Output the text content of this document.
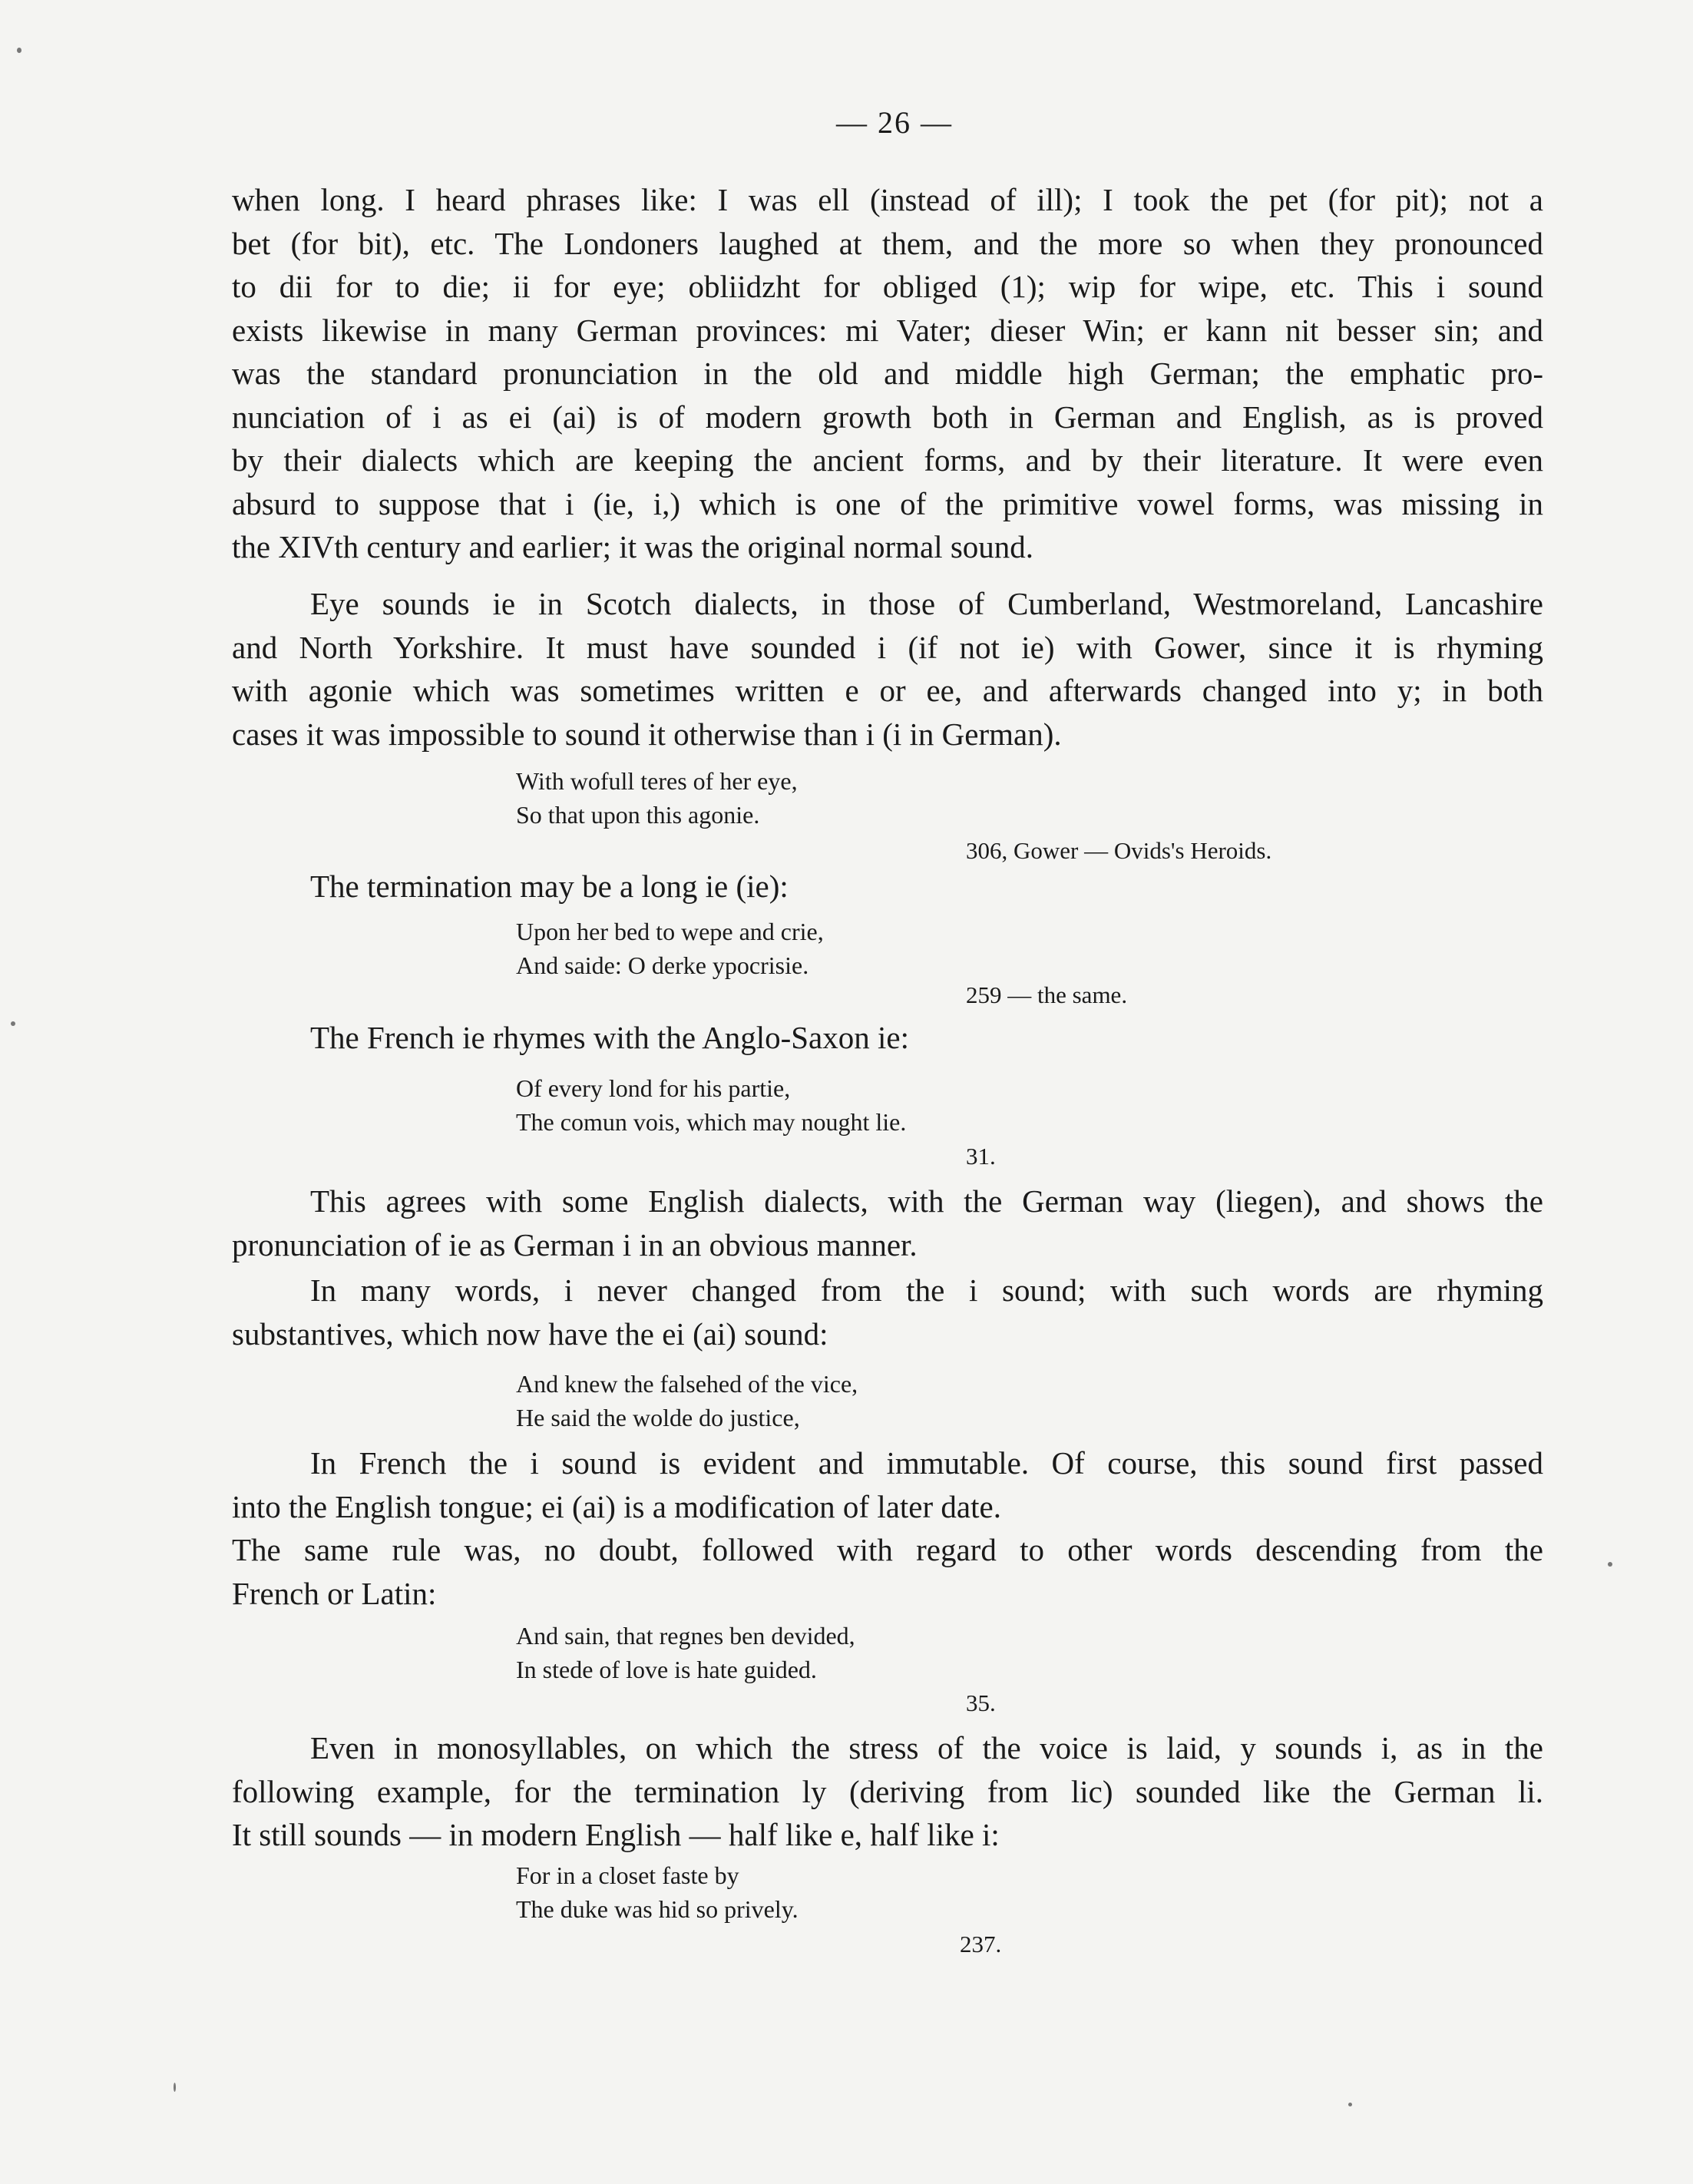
— 26 —
when long. I heard phrases like: I was ell (instead of ill); I took the pet (for pit); not a
bet (for bit), etc. The Londoners laughed at them, and the more so when they pronounced
to dii for to die; ii for eye; obliidzht for obliged (1); wip for wipe, etc. This i sound
exists likewise in many German provinces: mi Vater; dieser Win; er kann nit besser sin; and
was the standard pronunciation in the old and middle high German; the emphatic pro-
nunciation of i as ei (ai) is of modern growth both in German and English, as is proved
by their dialects which are keeping the ancient forms, and by their literature. It were even
absurd to suppose that i (ie, i,) which is one of the primitive vowel forms, was missing in
the XIVth century and earlier; it was the original normal sound.
Eye sounds ie in Scotch dialects, in those of Cumberland, Westmoreland, Lancashire
and North Yorkshire. It must have sounded i (if not ie) with Gower, since it is rhyming
with agonie which was sometimes written e or ee, and afterwards changed into y; in both
cases it was impossible to sound it otherwise than i (i in German).
With wofull teres of her eye,
So that upon this agonie.
306, Gower — Ovids's Heroids.
The termination may be a long ie (ie):
Upon her bed to wepe and crie,
And saide: O derke ypocrisie.
259 — the same.
The French ie rhymes with the Anglo-Saxon ie:
Of every lond for his partie,
The comun vois, which may nought lie.
31.
This agrees with some English dialects, with the German way (liegen), and shows the
pronunciation of ie as German i in an obvious manner.
In many words, i never changed from the i sound; with such words are rhyming
substantives, which now have the ei (ai) sound:
And knew the falsehed of the vice,
He said the wolde do justice,
In French the i sound is evident and immutable. Of course, this sound first passed
into the English tongue; ei (ai) is a modification of later date.
The same rule was, no doubt, followed with regard to other words descending from the
French or Latin:
And sain, that regnes ben devided,
In stede of love is hate guided.
35.
Even in monosyllables, on which the stress of the voice is laid, y sounds i, as in the
following example, for the termination ly (deriving from lic) sounded like the German li.
It still sounds — in modern English — half like e, half like i:
For in a closet faste by
The duke was hid so prively.
237.
